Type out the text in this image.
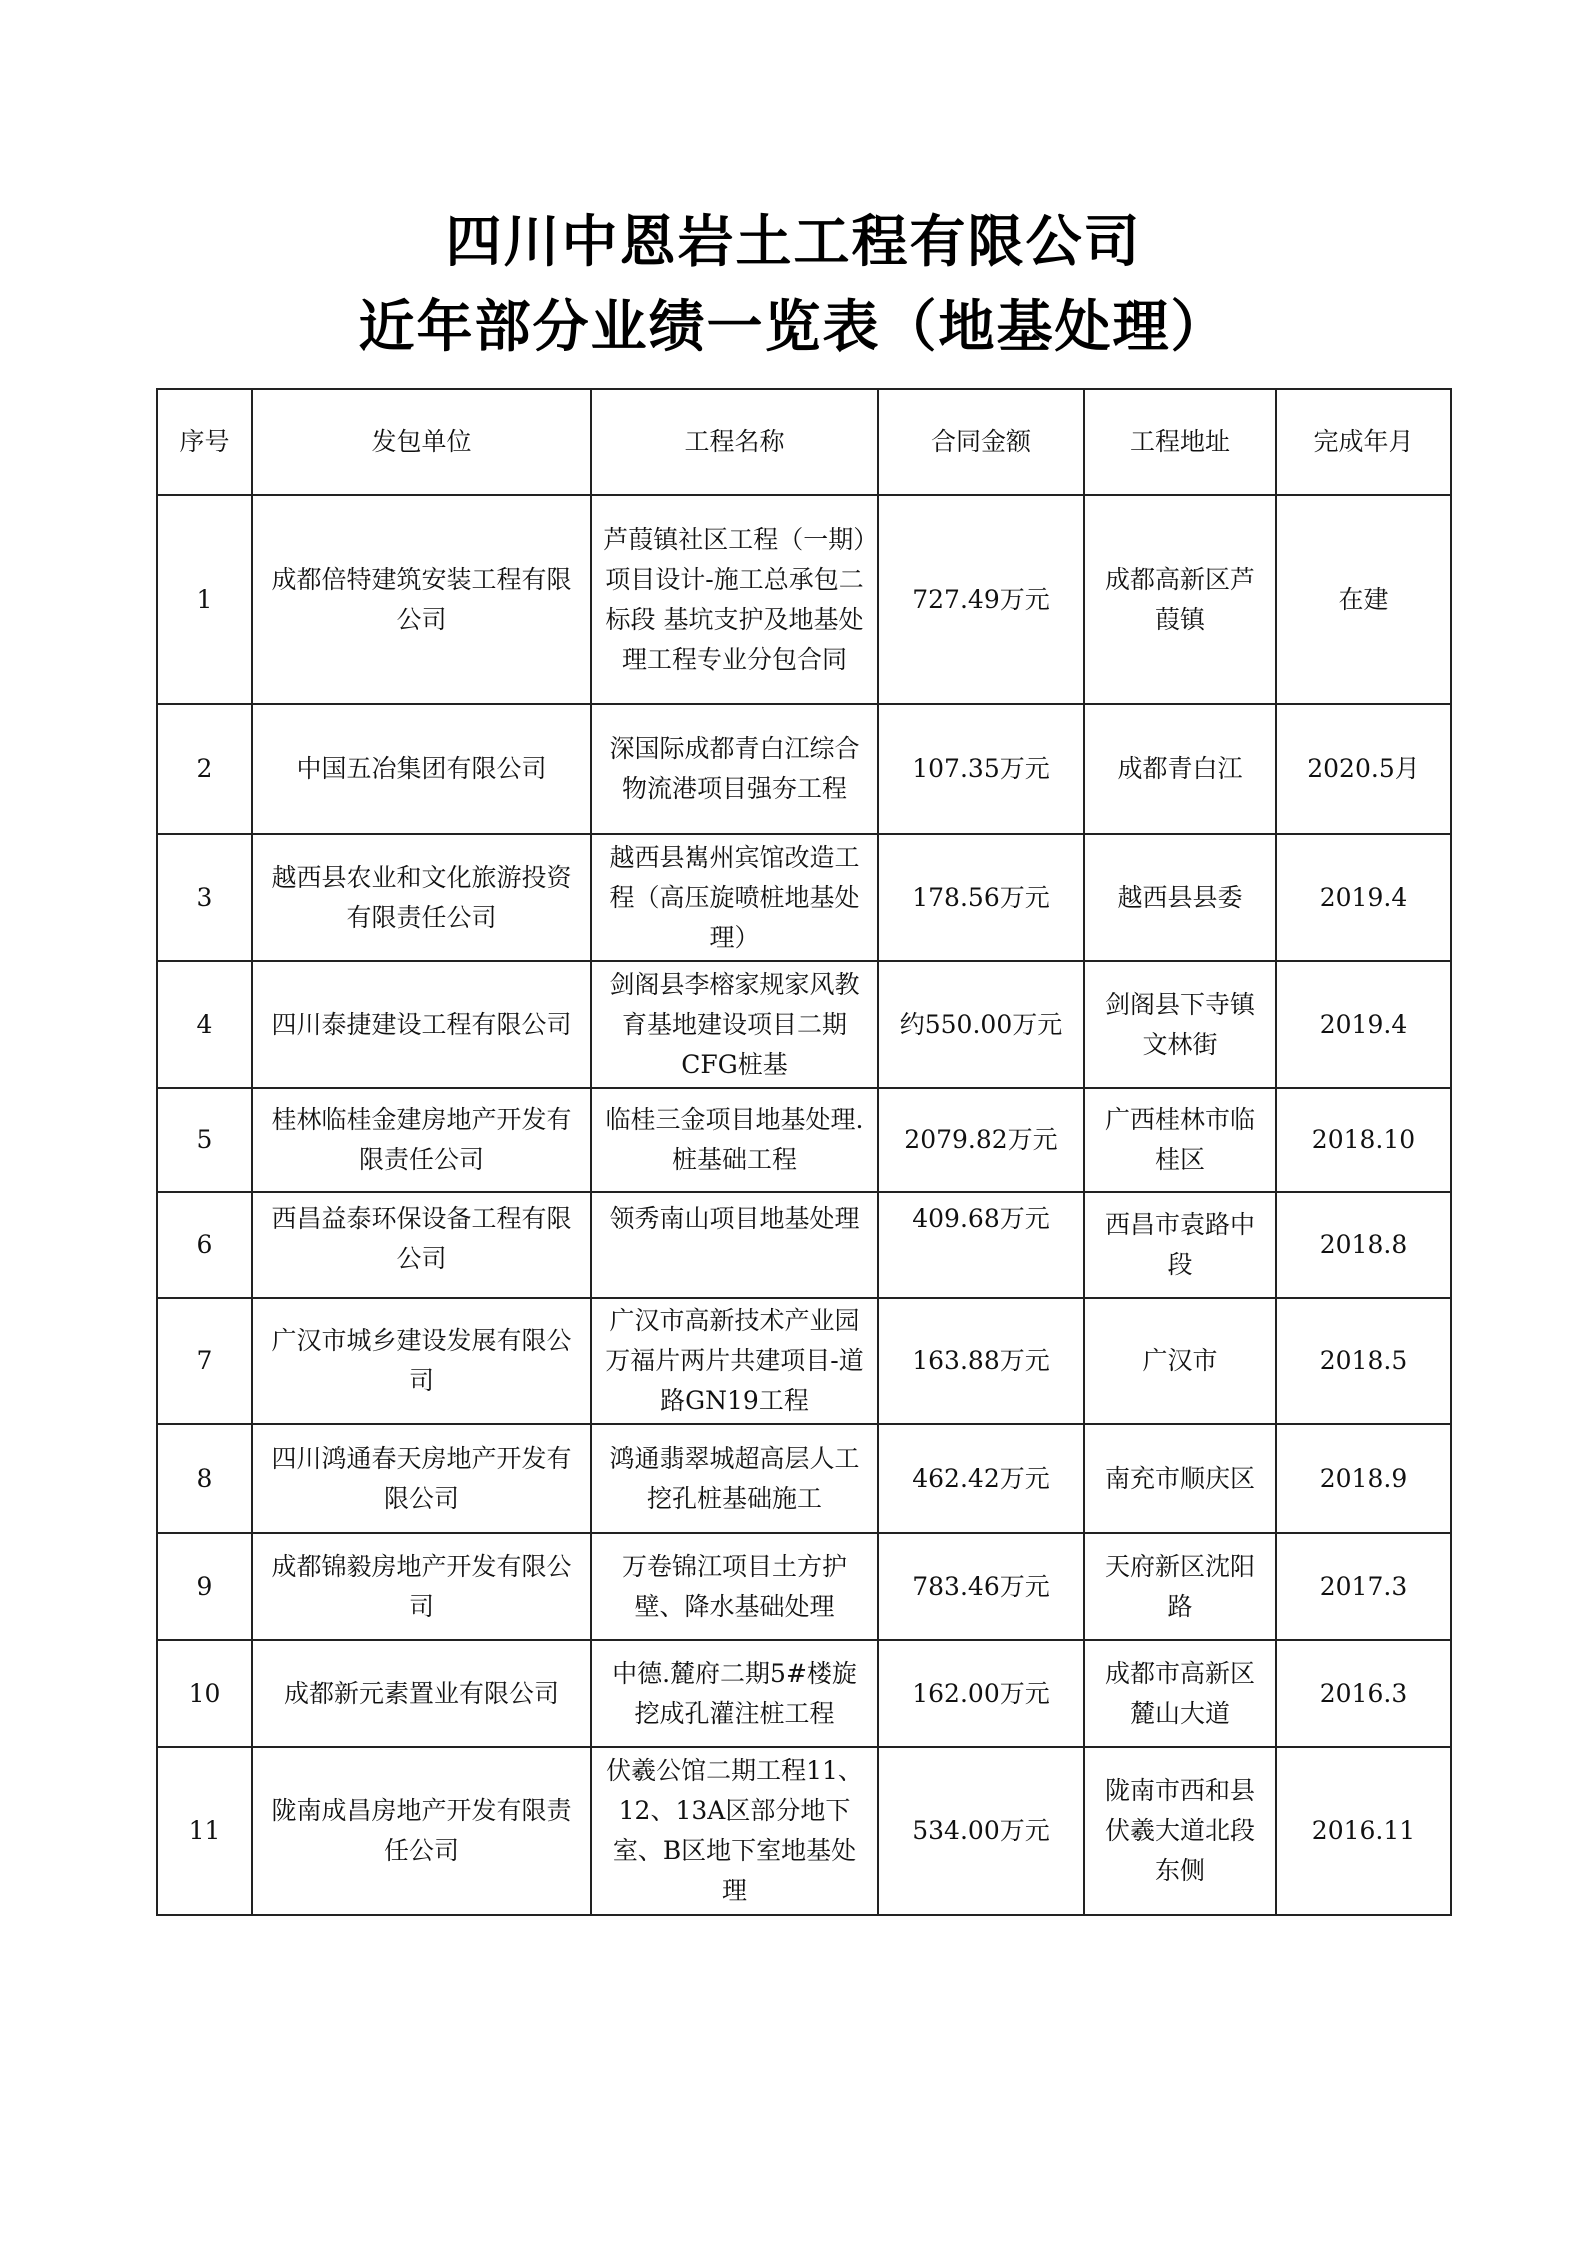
四川中恩岩土工程有限公司
近年部分业绩一览表（地基处理）
序号	发包单位	工程名称	合同金额	工程地址	完成年月
1	成都倍特建筑安装工程有限公司	芦葭镇社区工程（一期）项目设计-施工总承包二标段 基坑支护及地基处理工程专业分包合同	727.49万元	成都高新区芦葭镇	在建
2	中国五冶集团有限公司	深国际成都青白江综合物流港项目强夯工程	107.35万元	成都青白江	2020.5月
3	越西县农业和文化旅游投资有限责任公司	越西县嶲州宾馆改造工程（高压旋喷桩地基处理）	178.56万元	越西县县委	2019.4
4	四川泰捷建设工程有限公司	剑阁县李榕家规家风教育基地建设项目二期CFG桩基	约550.00万元	剑阁县下寺镇文林街	2019.4
5	桂林临桂金建房地产开发有限责任公司	临桂三金项目地基处理.桩基础工程	2079.82万元	广西桂林市临桂区	2018.10
6	西昌益泰环保设备工程有限公司	领秀南山项目地基处理	409.68万元	西昌市袁路中段	2018.8
7	广汉市城乡建设发展有限公司	广汉市高新技术产业园万福片两片共建项目-道路GN19工程	163.88万元	广汉市	2018.5
8	四川鸿通春天房地产开发有限公司	鸿通翡翠城超高层人工挖孔桩基础施工	462.42万元	南充市顺庆区	2018.9
9	成都锦毅房地产开发有限公司	万卷锦江项目土方护壁、降水基础处理	783.46万元	天府新区沈阳路	2017.3
10	成都新元素置业有限公司	中德.麓府二期5#楼旋挖成孔灌注桩工程	162.00万元	成都市高新区麓山大道	2016.3
11	陇南成昌房地产开发有限责任公司	伏羲公馆二期工程11、12、13A区部分地下室、B区地下室地基处理	534.00万元	陇南市西和县伏羲大道北段东侧	2016.11
